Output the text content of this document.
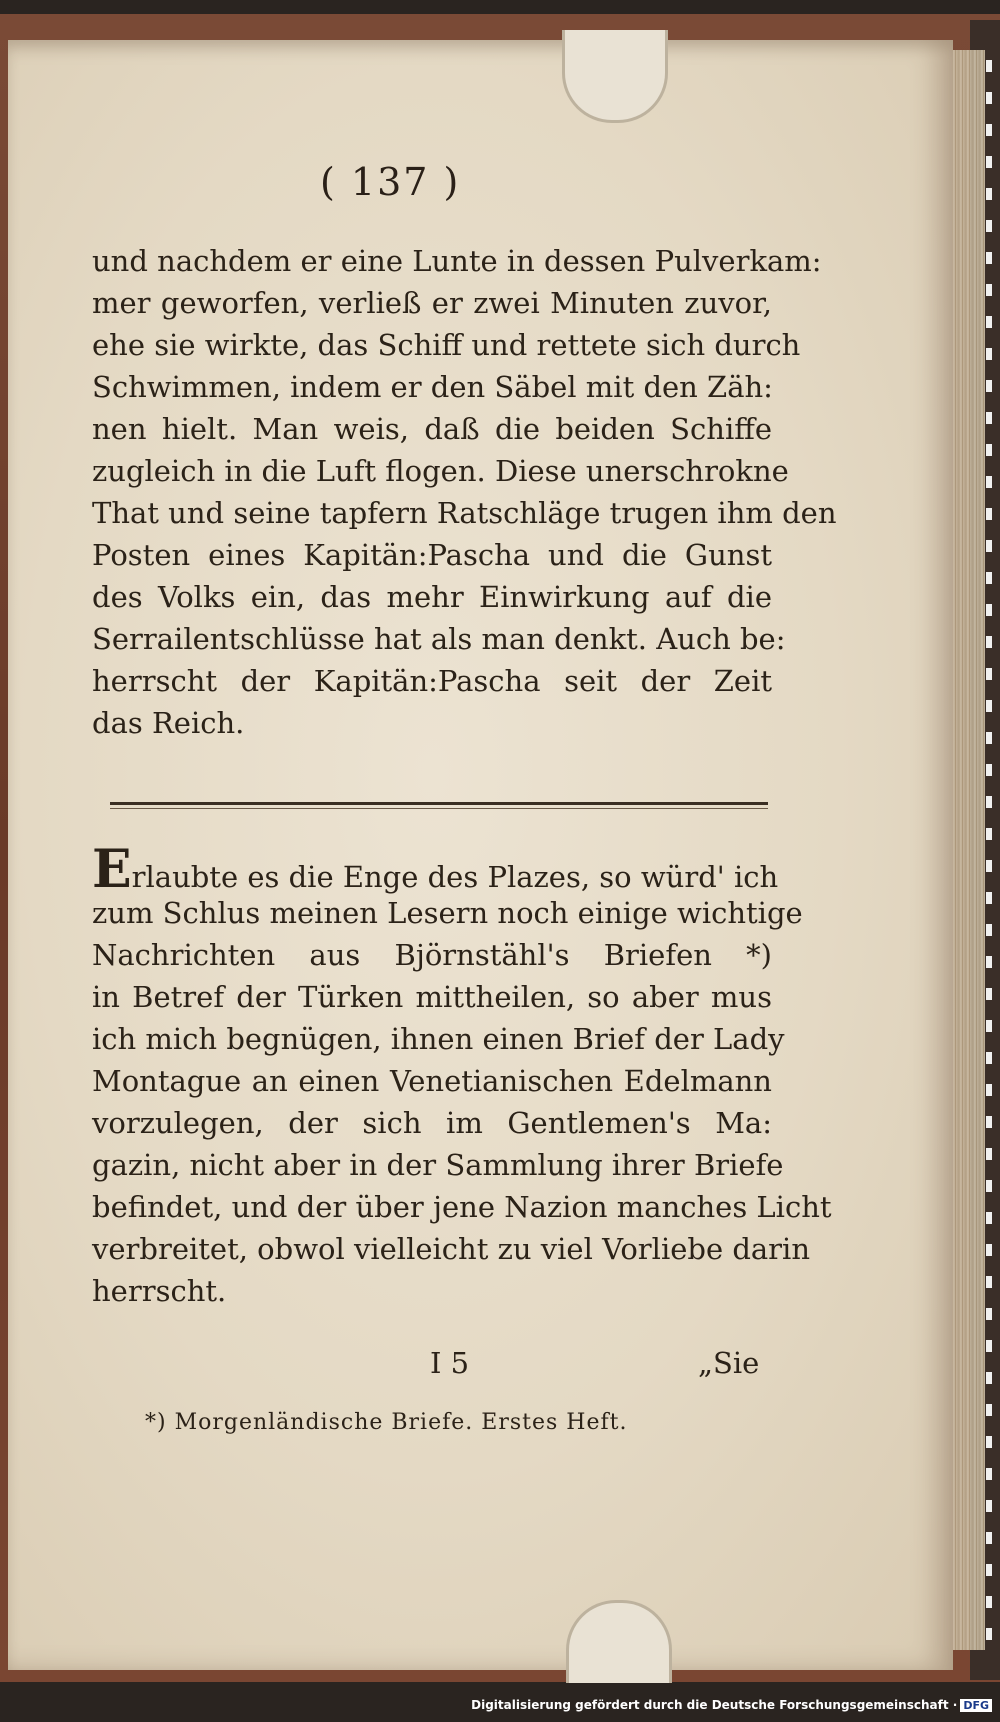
( 137 )
und nachdem er eine Lunte in dessen Pulverkam:
mer geworfen, verließ er zwei Minuten zuvor,
ehe sie wirkte, das Schiff und rettete sich durch
Schwimmen, indem er den Säbel mit den Zäh:
nen hielt. Man weis, daß die beiden Schiffe
zugleich in die Luft flogen. Diese unerschrokne
That und seine tapfern Ratschläge trugen ihm den
Posten eines Kapitän:Pascha und die Gunst
des Volks ein, das mehr Einwirkung auf die
Serrailentschlüsse hat als man denkt. Auch be:
herrscht der Kapitän:Pascha seit der Zeit
das Reich.
Erlaubte es die Enge des Plazes, so würd' ich
zum Schlus meinen Lesern noch einige wichtige
Nachrichten aus Björnstähl's Briefen *)
in Betref der Türken mittheilen, so aber mus
ich mich begnügen, ihnen einen Brief der Lady
Montague an einen Venetianischen Edelmann
vorzulegen, der sich im Gentlemen's Ma:
gazin, nicht aber in der Sammlung ihrer Briefe
befindet, und der über jene Nazion manches Licht
verbreitet, obwol vielleicht zu viel Vorliebe darin
herrscht.
I 5	„Sie
*) Morgenländische Briefe. Erstes Heft.
Digitalisierung gefördert durch die Deutsche Forschungsgemeinschaft · DFG
